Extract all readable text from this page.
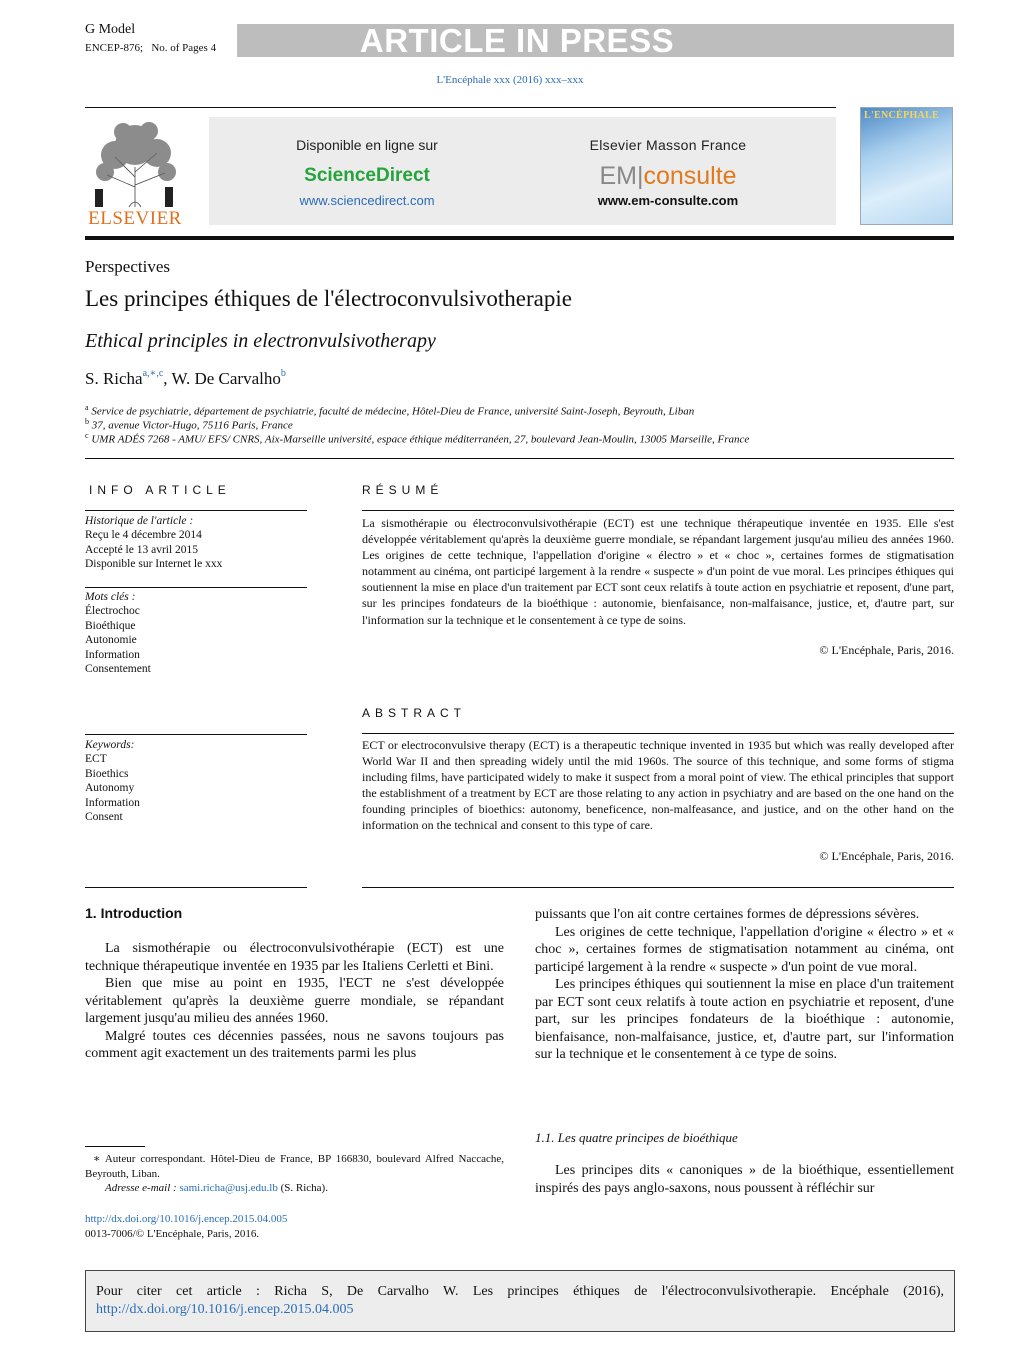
G Model
ENCEP-876; No. of Pages 4	ARTICLE IN PRESS
L'Encéphale xxx (2016) xxx–xxx
ELSEVIER
Disponible en ligne sur
ScienceDirect
www.sciencedirect.com
Elsevier Masson France
EM|consulte
www.em-consulte.com
L'ENCÉPHALE
Perspectives
Les principes éthiques de l'électroconvulsivotherapie
Ethical principles in electronvulsivotherapy
S. Richa$^{a,∗,c}$, W. De Carvalho$^b$
$^a$ Service de psychiatrie, département de psychiatrie, faculté de médecine, Hôtel-Dieu de France, université Saint-Joseph, Beyrouth, Liban
$^b$ 37, avenue Victor-Hugo, 75116 Paris, France
$^c$ UMR ADÉS 7268 - AMU/ EFS/ CNRS, Aix-Marseille université, espace éthique méditerranéen, 27, boulevard Jean-Moulin, 13005 Marseille, France
INFO ARTICLE
Historique de l'article :
Reçu le 4 décembre 2014
Accepté le 13 avril 2015
Disponible sur Internet le xxx
Mots clés :
Électrochoc
Bioéthique
Autonomie
Information
Consentement
Keywords:
ECT
Bioethics
Autonomy
Information
Consent
RÉSUMÉ
La sismothérapie ou électroconvulsivothérapie (ECT) est une technique thérapeutique inventée en 1935. Elle s'est développée véritablement qu'après la deuxième guerre mondiale, se répandant largement jusqu'au milieu des années 1960. Les origines de cette technique, l'appellation d'origine « électro » et « choc », certaines formes de stigmatisation notamment au cinéma, ont participé largement à la rendre « suspecte » d'un point de vue moral. Les principes éthiques qui soutiennent la mise en place d'un traitement par ECT sont ceux relatifs à toute action en psychiatrie et reposent, d'une part, sur les principes fondateurs de la bioéthique : autonomie, bienfaisance, non-malfaisance, justice, et, d'autre part, sur l'information sur la technique et le consentement à ce type de soins.
© L'Encéphale, Paris, 2016.
ABSTRACT
ECT or electroconvulsive therapy (ECT) is a therapeutic technique invented in 1935 but which was really developed after World War II and then spreading widely until the mid 1960s. The source of this technique, and some forms of stigma including films, have participated widely to make it suspect from a moral point of view. The ethical principles that support the establishment of a treatment by ECT are those relating to any action in psychiatry and are based on the one hand on the founding principles of bioethics: autonomy, beneficence, non-malfeasance, and justice, and on the other hand on the information on the technical and consent to this type of care.
© L'Encéphale, Paris, 2016.
1. Introduction

La sismothérapie ou électroconvulsivothérapie (ECT) est une technique thérapeutique inventée en 1935 par les Italiens Cerletti et Bini.

Bien que mise au point en 1935, l'ECT ne s'est développée véritablement qu'après la deuxième guerre mondiale, se répandant largement jusqu'au milieu des années 1960.

Malgré toutes ces décennies passées, nous ne savons toujours pas comment agit exactement un des traitements parmi les plus

puissants que l'on ait contre certaines formes de dépressions sévères.

Les origines de cette technique, l'appellation d'origine « électro » et « choc », certaines formes de stigmatisation notamment au cinéma, ont participé largement à la rendre « suspecte » d'un point de vue moral.

Les principes éthiques qui soutiennent la mise en place d'un traitement par ECT sont ceux relatifs à toute action en psychiatrie et reposent, d'une part, sur les principes fondateurs de la bioéthique : autonomie, bienfaisance, non-malfaisance, justice, et, d'autre part, sur l'information sur la technique et le consentement à ce type de soins.

1.1. Les quatre principes de bioéthique

Les principes dits « canoniques » de la bioéthique, essentiellement inspirés des pays anglo-saxons, nous poussent à réfléchir sur

∗ Auteur correspondant. Hôtel-Dieu de France, BP 166830, boulevard Alfred Naccache, Beyrouth, Liban.
Adresse e-mail : sami.richa@usj.edu.lb (S. Richa).
http://dx.doi.org/10.1016/j.encep.2015.04.005
0013-7006/© L'Encéphale, Paris, 2016.
Pour citer cet article : Richa S, De Carvalho W. Les principes éthiques de l'électroconvulsivotherapie. Encéphale (2016), http://dx.doi.org/10.1016/j.encep.2015.04.005
